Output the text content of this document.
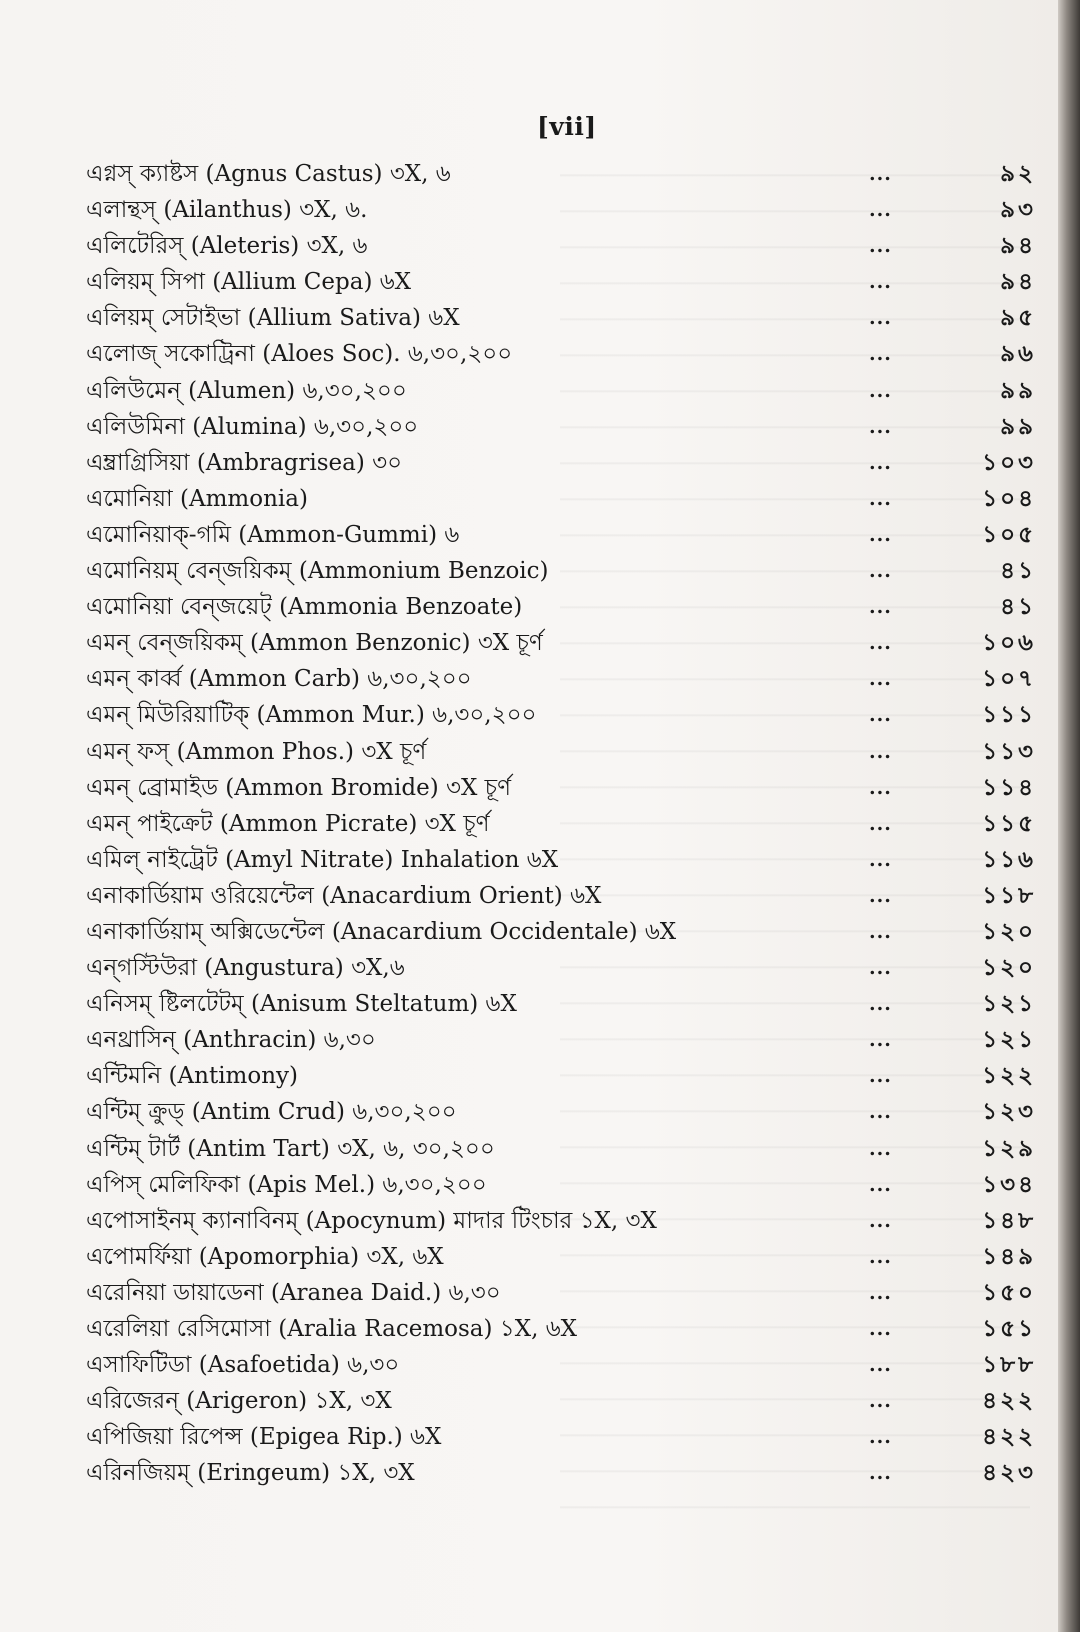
[vii]
এগ্নস্ ক্যাষ্টস (Agnus Castus) ৩X, ৬	...	৯২
এলান্থস্ (Ailanthus) ৩X, ৬.	...	৯৩
এলিটেরিস্ (Aleteris) ৩X, ৬	...	৯৪
এলিয়ম্ সিপা (Allium Cepa) ৬X	...	৯৪
এলিয়ম্ সেটাইভা (Allium Sativa) ৬X	...	৯৫
এলোজ্ সকোট্রিনা (Aloes Soc). ৬,৩০,২০০	...	৯৬
এলিউমেন্ (Alumen) ৬,৩০,২০০	...	৯৯
এলিউমিনা (Alumina) ৬,৩০,২০০	...	৯৯
এম্ব্রাগ্রিসিয়া (Ambragrisea) ৩০	...	১০৩
এমোনিয়া (Ammonia)	...	১০৪
এমোনিয়াক্-গমি (Ammon-Gummi) ৬	...	১০৫
এমোনিয়ম্ বেন্জয়িকম্ (Ammonium Benzoic)	...	৪১
এমোনিয়া বেন্জয়েট্ (Ammonia Benzoate)	...	৪১
এমন্ বেন্জয়িকম্ (Ammon Benzonic) ৩X চূর্ণ	...	১০৬
এমন্ কার্ব্ব (Ammon Carb) ৬,৩০,২০০	...	১০৭
এমন্ মিউরিয়াটিক্ (Ammon Mur.) ৬,৩০,২০০	...	১১১
এমন্ ফস্ (Ammon Phos.) ৩X চূর্ণ	...	১১৩
এমন্ ব্রোমাইড (Ammon Bromide) ৩X চূর্ণ	...	১১৪
এমন্ পাইক্রেট (Ammon Picrate) ৩X চূর্ণ	...	১১৫
এমিল্ নাইট্রেট (Amyl Nitrate) Inhalation ৬X	...	১১৬
এনাকার্ডিয়াম ওরিয়েন্টেল (Anacardium Orient) ৬X	...	১১৮
এনাকার্ডিয়াম্ অক্সিডেন্টেল (Anacardium Occidentale) ৬X	...	১২০
এন্গস্টিউরা (Angustura) ৩X,৬	...	১২০
এনিসম্ ষ্টিলটেটম্ (Anisum Steltatum) ৬X	...	১২১
এনথ্রাসিন্ (Anthracin) ৬,৩০	...	১২১
এন্টিমনি (Antimony)	...	১২২
এন্টিম্ ক্রুড্ (Antim Crud) ৬,৩০,২০০	...	১২৩
এন্টিম্ টার্ট (Antim Tart) ৩X, ৬, ৩০,২০০	...	১২৯
এপিস্ মেলিফিকা (Apis Mel.) ৬,৩০,২০০	...	১৩৪
এপোসাইনম্ ক্যানাবিনম্ (Apocynum) মাদার টিংচার ১X, ৩X	...	১৪৮
এপোমর্ফিয়া (Apomorphia) ৩X, ৬X	...	১৪৯
এরেনিয়া ডায়াডেনা (Aranea Daid.) ৬,৩০	...	১৫০
এরেলিয়া রেসিমোসা (Aralia Racemosa) ১X, ৬X	...	১৫১
এসাফিটিডা (Asafoetida) ৬,৩০	...	১৮৮
এরিজেরন্ (Arigeron) ১X, ৩X	...	৪২২
এপিজিয়া রিপেন্স (Epigea Rip.) ৬X	...	৪২২
এরিনজিয়ম্ (Eringeum) ১X, ৩X	...	৪২৩
